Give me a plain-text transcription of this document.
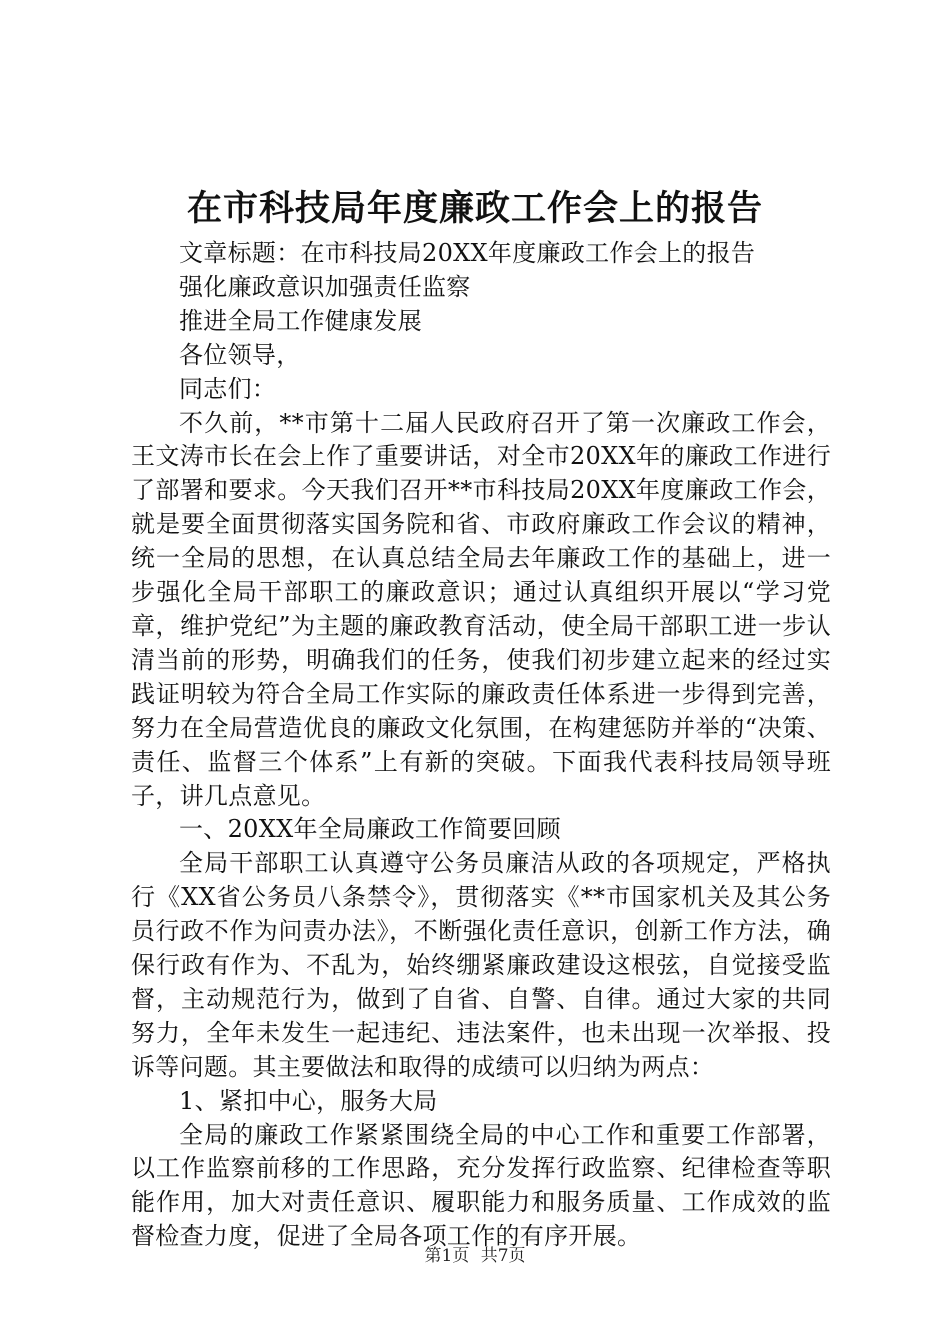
在市科技局年度廉政工作会上的报告

文章标题：在市科技局20XX年度廉政工作会上的报告

强化廉政意识加强责任监察

推进全局工作健康发展

各位领导，

同志们：

不久前，**市第十二届人民政府召开了第一次廉政工作会，王文涛市长在会上作了重要讲话，对全市20XX年的廉政工作进行了部署和要求。今天我们召开**市科技局20XX年度廉政工作会，就是要全面贯彻落实国务院和省、市政府廉政工作会议的精神，统一全局的思想，在认真总结全局去年廉政工作的基础上，进一步强化全局干部职工的廉政意识；通过认真组织开展以“学习党章，维护党纪”为主题的廉政教育活动，使全局干部职工进一步认清当前的形势，明确我们的任务，使我们初步建立起来的经过实践证明较为符合全局工作实际的廉政责任体系进一步得到完善，努力在全局营造优良的廉政文化氛围，在构建惩防并举的“决策、责任、监督三个体系”上有新的突破。下面我代表科技局领导班子，讲几点意见。

一、20XX年全局廉政工作简要回顾

全局干部职工认真遵守公务员廉洁从政的各项规定，严格执行《XX省公务员八条禁令》，贯彻落实《**市国家机关及其公务员行政不作为问责办法》，不断强化责任意识，创新工作方法，确保行政有作为、不乱为，始终绷紧廉政建设这根弦，自觉接受监督，主动规范行为，做到了自省、自警、自律。通过大家的共同努力，全年未发生一起违纪、违法案件，也未出现一次举报、投诉等问题。其主要做法和取得的成绩可以归纳为两点：

1、紧扣中心，服务大局

全局的廉政工作紧紧围绕全局的中心工作和重要工作部署，以工作监察前移的工作思路，充分发挥行政监察、纪律检查等职能作用，加大对责任意识、履职能力和服务质量、工作成效的监督检查力度，促进了全局各项工作的有序开展。

第1页 共7页
